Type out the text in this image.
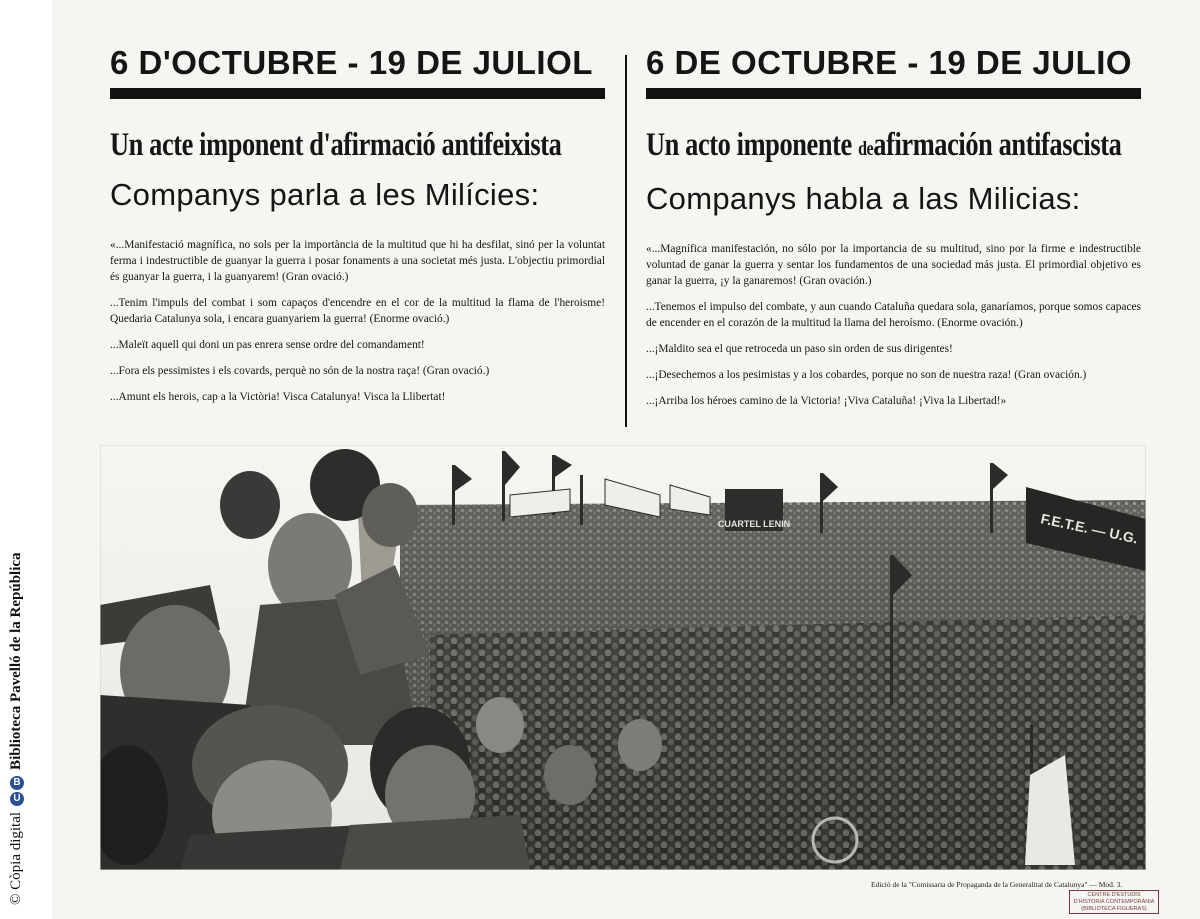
© Còpia digital
U
B
Biblioteca Pavelló de la República
6 D'OCTUBRE - 19 DE JULIOL
Un acte imponent d'afirmació antifeixista
Companys parla a les Milícies:

«...Manifestació magnífica, no sols per la importància de la multitud que hi ha desfilat, sinó per la voluntat ferma i indestructible de guanyar la guerra i posar fonaments a una societat més justa. L'objectiu primordial és guanyar la guerra, i la guanyarem! (Gran ovació.)

...Tenim l'impuls del combat i som capaços d'encendre en el cor de la multitud la flama de l'heroisme! Quedaria Catalunya sola, i encara guanyariem la guerra! (Enorme ovació.)

...Maleït aquell qui doni un pas enrera sense ordre del comandament!

...Fora els pessimistes i els covards, perquè no són de la nostra raça! (Gran ovació.)

...Amunt els herois, cap a la Victòria! Visca Catalunya! Visca la Llibertat!

6 DE OCTUBRE - 19 DE JULIO
Un acto imponente deafirmación antifascista
Companys habla a las Milicias:

«...Magnífica manifestación, no sólo por la importancia de su multitud, sino por la firme e indestructible voluntad de ganar la guerra y sentar los fundamentos de una sociedad más justa. El primordial objetivo es ganar la guerra, ¡y la ganaremos! (Gran ovación.)

...Tenemos el impulso del combate, y aun cuando Cataluña quedara sola, ganaríamos, porque somos capaces de encender en el corazón de la multitud la llama del heroísmo. (Enorme ovación.)

...¡Maldito sea el que retroceda un paso sin orden de sus dirigentes!

...¡Desechemos a los pesimistas y a los cobardes, porque no son de nuestra raza! (Gran ovación.)

...¡Arriba los héroes camino de la Victoria! ¡Viva Cataluña! ¡Viva la Libertad!»

CUARTEL LENIN	F.E.T.E. — U.G.
Edició de la "Comissaria de Propaganda de la Generalitat de Catalunya" — Mod. 3.
CENTRE D'ESTUDIS
D'HISTÒRIA CONTEMPORÀNIA
(BIBLIOTECA FIGUERAS)
